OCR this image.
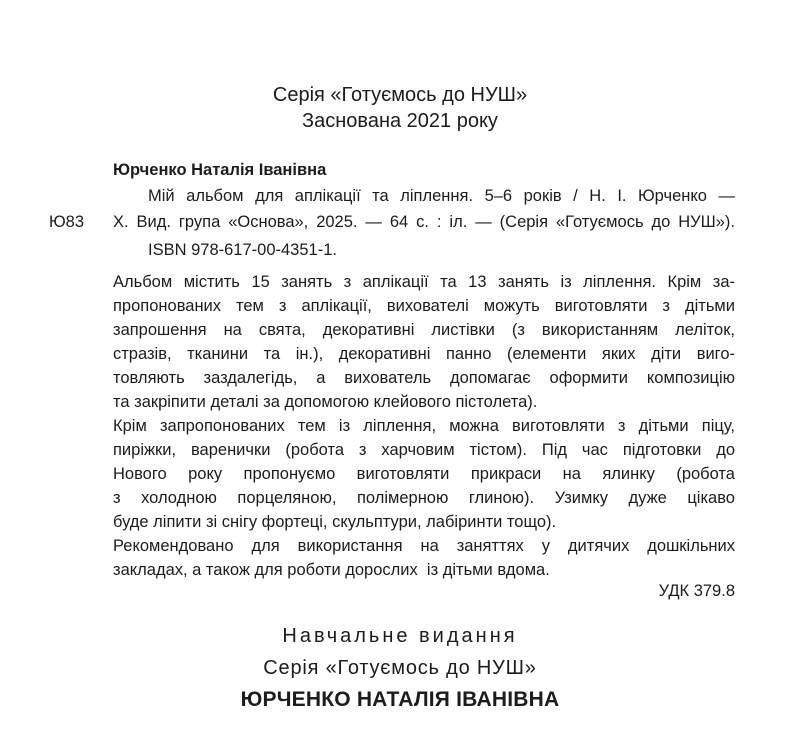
Серія «Готуємось до НУШ»
Заснована 2021 року
Ю83
Юрченко Наталія Іванівна
Мій альбом для аплікації та ліплення. 5–6 років / Н. І. Юрченко —
Х. Вид. група «Основа», 2025. — 64 с. : іл. — (Серія «Готуємось до НУШ»).
ISBN 978-617-00-4351-1.
Альбом містить 15 занять з аплікації та 13 занять із ліплення. Крім за-
пропонованих тем з аплікації, вихователі можуть виготовляти з дітьми
запрошення на свята, декоративні листівки (з використанням леліток,
стразів, тканини та ін.), декоративні панно (елементи яких діти виго-
товляють заздалегідь, а вихователь допомагає оформити композицію
та закріпити деталі за допомогою клейового пістолета).
Крім запропонованих тем із ліплення, можна виготовляти з дітьми піцу,
пиріжки, варенички (робота з харчовим тістом). Під час підготовки до
Нового року пропонуємо виготовляти прикраси на ялинку (робота
з холодною порцеляною, полімерною глиною). Узимку дуже цікаво
буде ліпити зі снігу фортеці, скульптури, лабіринти тощо).
Рекомендовано для використання на заняттях у дитячих дошкільних
закладах, а також для роботи дорослих  із дітьми вдома.
УДК 379.8
Навчальне видання
Серія «Готуємось до НУШ»
ЮРЧЕНКО НАТАЛІЯ ІВАНІВНА
